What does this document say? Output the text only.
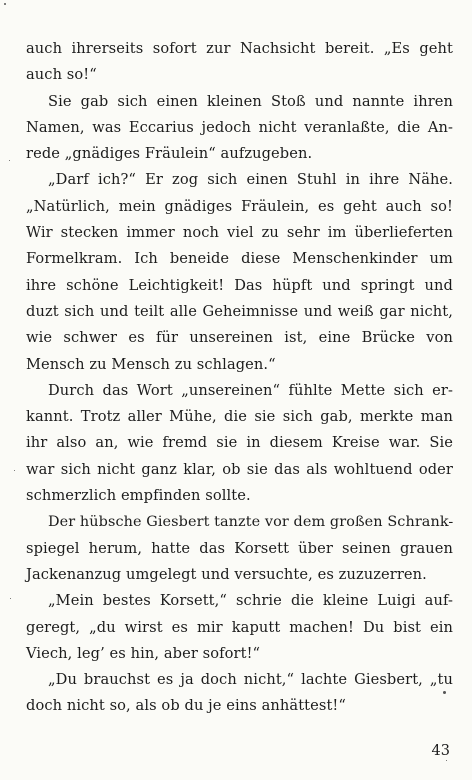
auch ihrerseits sofort zur Nachsicht bereit. „Es geht
auch so!“
Sie gab sich einen kleinen Stoß und nannte ihren
Namen, was Eccarius jedoch nicht veranlaßte, die An-
rede „gnädiges Fräulein“ aufzugeben.
„Darf ich?“ Er zog sich einen Stuhl in ihre Nähe.
„Natürlich, mein gnädiges Fräulein, es geht auch so!
Wir stecken immer noch viel zu sehr im überlieferten
Formelkram. Ich beneide diese Menschenkinder um
ihre schöne Leichtigkeit! Das hüpft und springt und
duzt sich und teilt alle Geheimnisse und weiß gar nicht,
wie schwer es für unsereinen ist, eine Brücke von
Mensch zu Mensch zu schlagen.“
Durch das Wort „unsereinen“ fühlte Mette sich er-
kannt. Trotz aller Mühe, die sie sich gab, merkte man
ihr also an, wie fremd sie in diesem Kreise war. Sie
war sich nicht ganz klar, ob sie das als wohltuend oder
schmerzlich empfinden sollte.
Der hübsche Giesbert tanzte vor dem großen Schrank-
spiegel herum, hatte das Korsett über seinen grauen
Jackenanzug umgelegt und versuchte, es zuzuzerren.
„Mein bestes Korsett,“ schrie die kleine Luigi auf-
geregt, „du wirst es mir kaputt machen! Du bist ein
Viech, leg’ es hin, aber sofort!“
„Du brauchst es ja doch nicht,“ lachte Giesbert, „tu
doch nicht so, als ob du je eins anhättest!“
43
